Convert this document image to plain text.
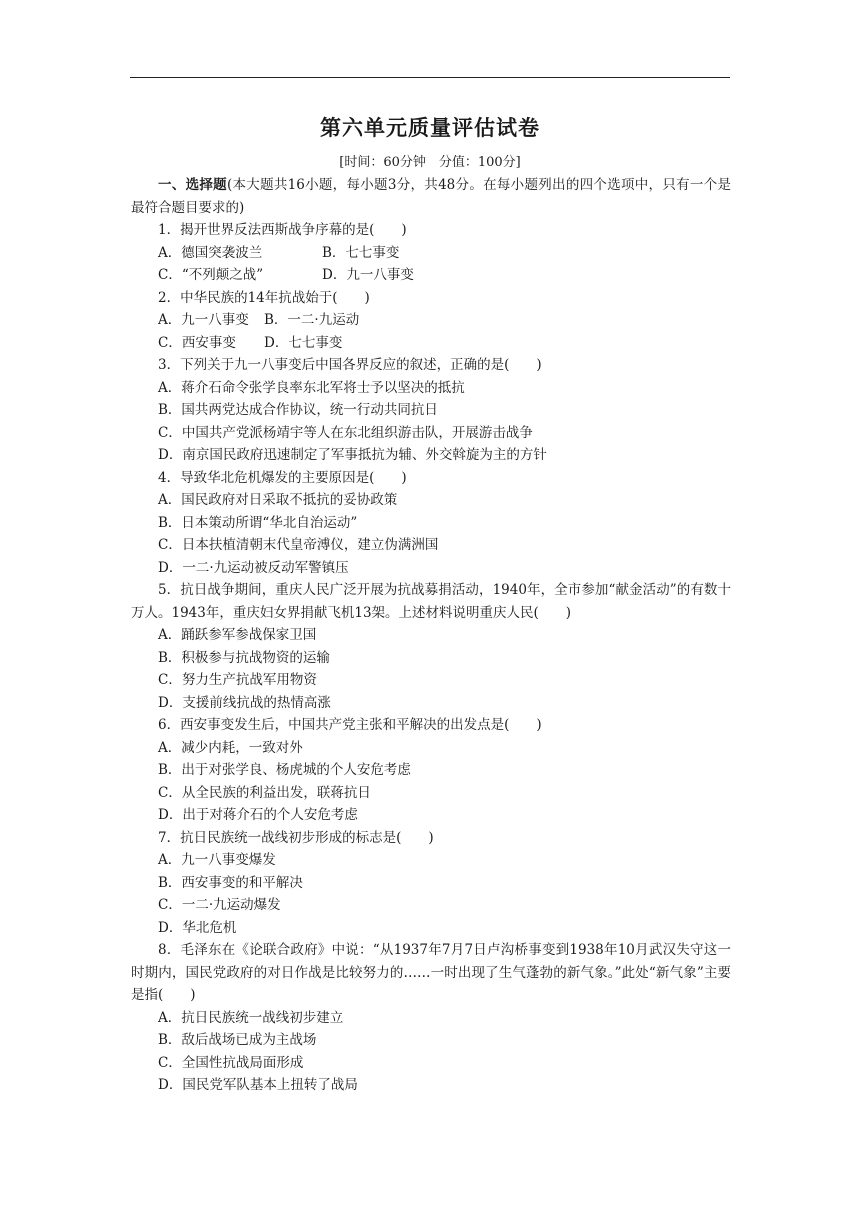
第六单元质量评估试卷
[时间：60分钟　分值：100分]
一、选择题(本大题共16小题，每小题3分，共48分。在每小题列出的四个选项中，只有一个是最符合题目要求的)
1．揭开世界反法西斯战争序幕的是(　　)
A．德国突袭波兰	B．七七事变
C．“不列颠之战”	D．九一八事变
2．中华民族的14年抗战始于(　　)
A．九一八事变 B．一二·九运动
C．西安事变 D．七七事变
3．下列关于九一八事变后中国各界反应的叙述，正确的是(　　)
A．蒋介石命令张学良率东北军将士予以坚决的抵抗
B．国共两党达成合作协议，统一行动共同抗日
C．中国共产党派杨靖宇等人在东北组织游击队，开展游击战争
D．南京国民政府迅速制定了军事抵抗为辅、外交斡旋为主的方针
4．导致华北危机爆发的主要原因是(　　)
A．国民政府对日采取不抵抗的妥协政策
B．日本策动所谓“华北自治运动”
C．日本扶植清朝末代皇帝溥仪，建立伪满洲国
D．一二·九运动被反动军警镇压
5．抗日战争期间，重庆人民广泛开展为抗战募捐活动，1940年，全市参加“献金活动”的有数十万人。1943年，重庆妇女界捐献飞机13架。上述材料说明重庆人民(　　)
A．踊跃参军参战保家卫国
B．积极参与抗战物资的运输
C．努力生产抗战军用物资
D．支援前线抗战的热情高涨
6．西安事变发生后，中国共产党主张和平解决的出发点是(　　)
A．减少内耗，一致对外
B．出于对张学良、杨虎城的个人安危考虑
C．从全民族的利益出发，联蒋抗日
D．出于对蒋介石的个人安危考虑
7．抗日民族统一战线初步形成的标志是(　　)
A．九一八事变爆发
B．西安事变的和平解决
C．一二·九运动爆发
D．华北危机
8．毛泽东在《论联合政府》中说：“从1937年7月7日卢沟桥事变到1938年10月武汉失守这一时期内，国民党政府的对日作战是比较努力的……一时出现了生气蓬勃的新气象。”此处“新气象”主要是指(　　)
A．抗日民族统一战线初步建立
B．敌后战场已成为主战场
C．全国性抗战局面形成
D．国民党军队基本上扭转了战局
